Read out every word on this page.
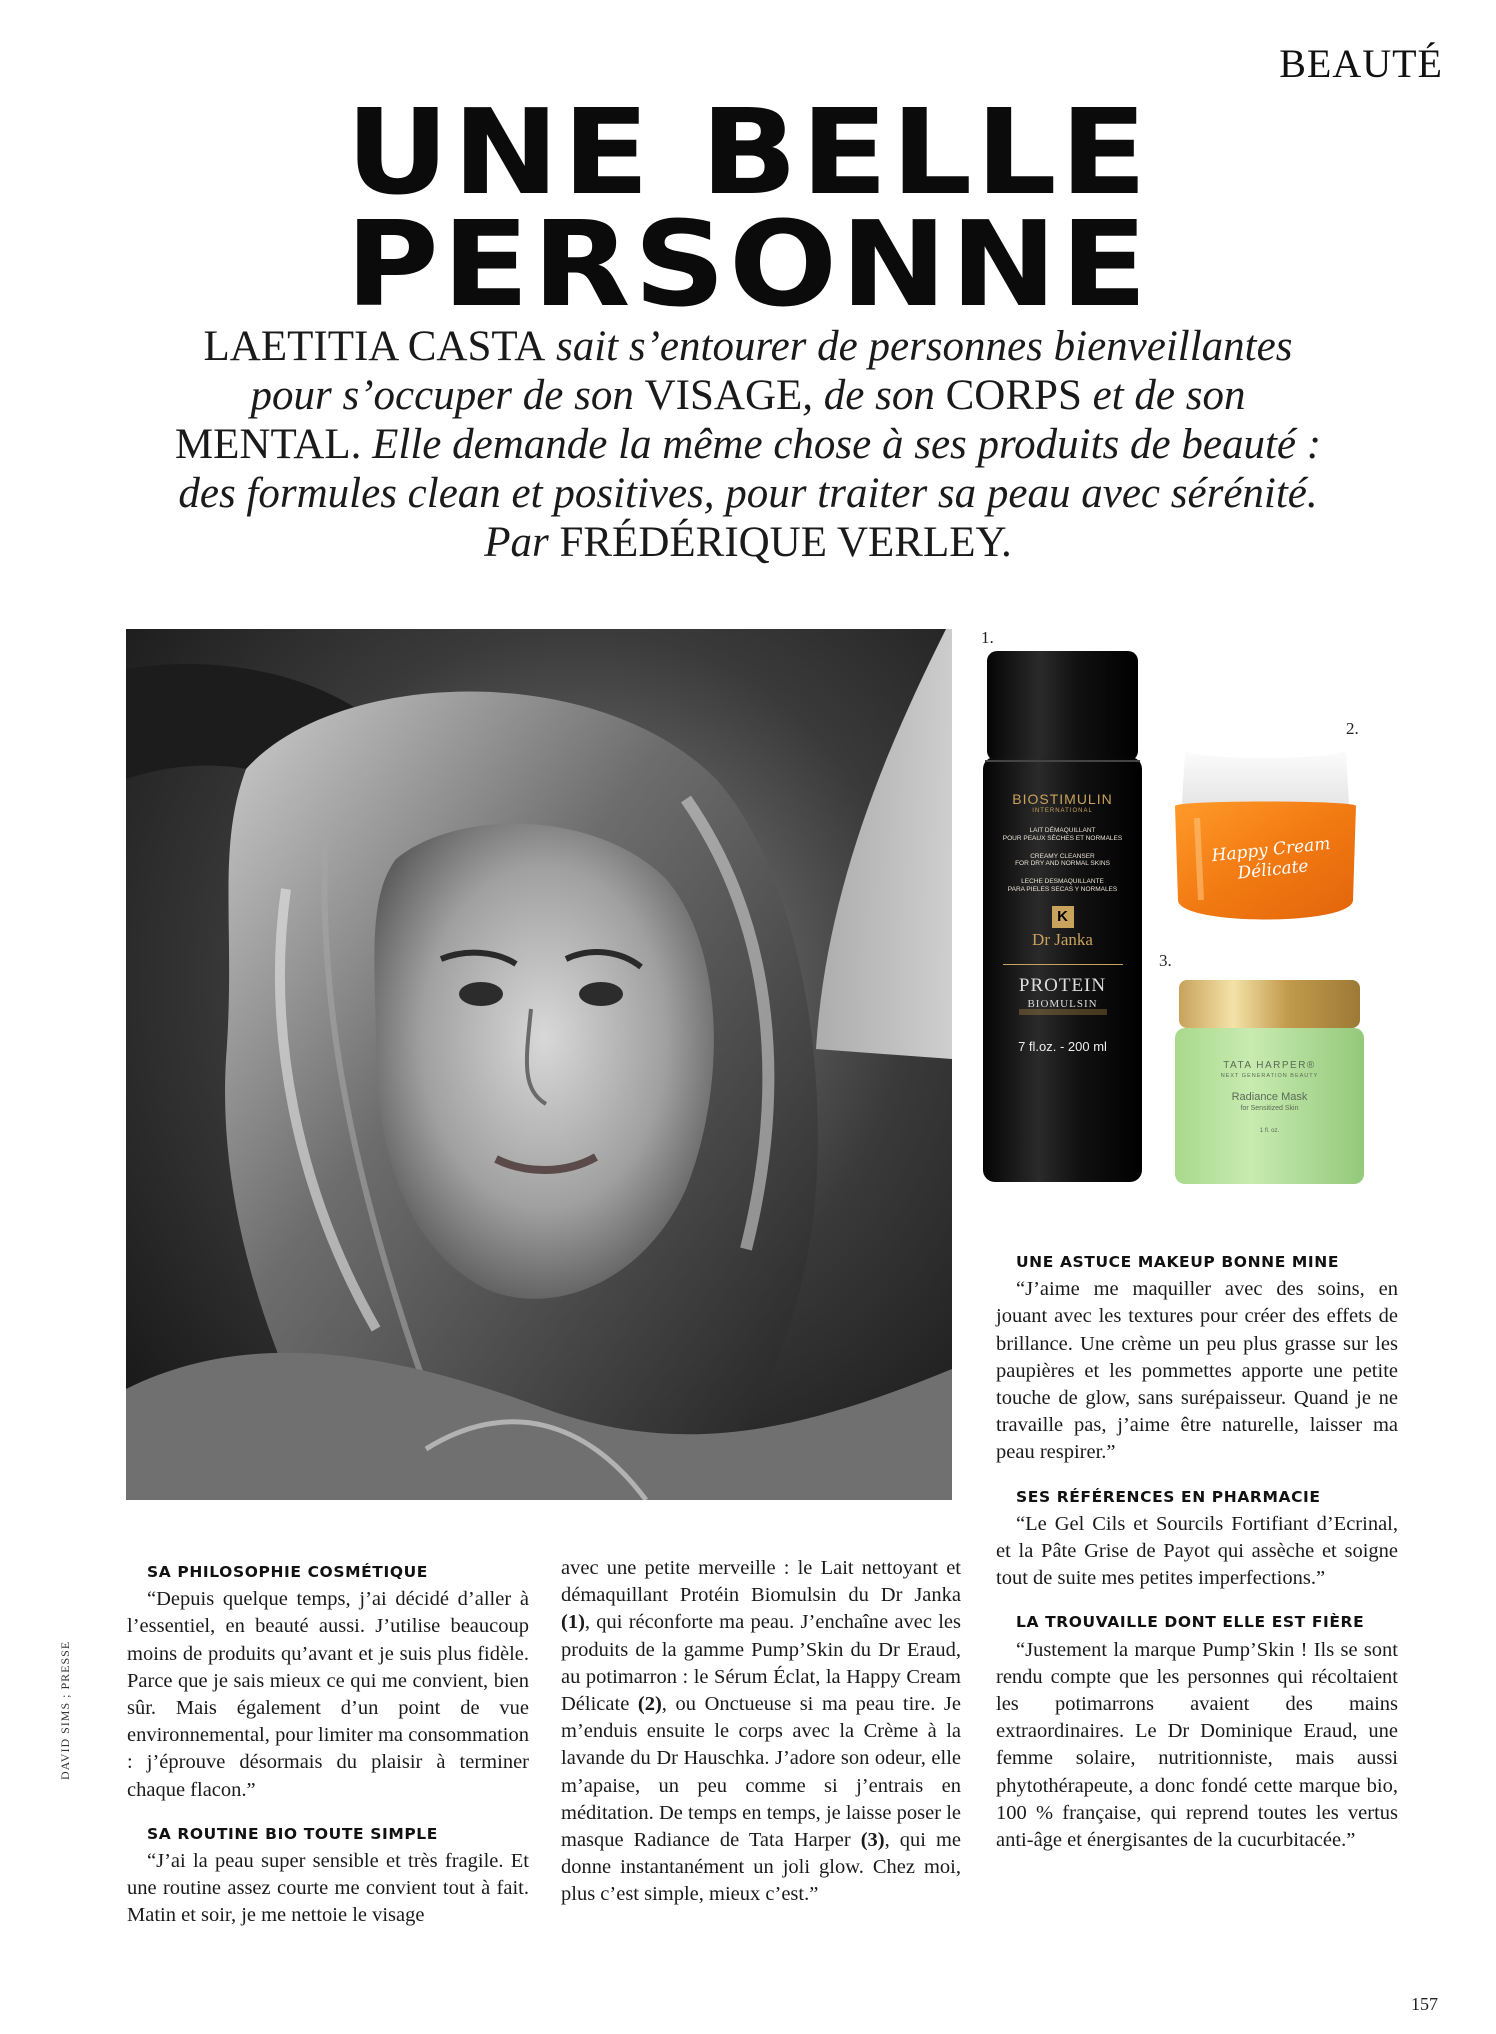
BEAUTÉ
UNE BELLE
PERSONNE
LAETITIA CASTA sait s’entourer de personnes bienveillantes
pour s’occuper de son VISAGE, de son CORPS et de son
MENTAL. Elle demande la même chose à ses produits de beauté :
des formules clean et positives, pour traiter sa peau avec sérénité.
Par FRÉDÉRIQUE VERLEY.
DAVID SIMS ; PRESSE
1.
2.
3.
BIOSTIMULIN
INTERNATIONAL
LAIT DÉMAQUILLANT
POUR PEAUX SÈCHES ET NORMALES
CREAMY CLEANSER
FOR DRY AND NORMAL SKINS
LECHE DESMAQUILLANTE
PARA PIELES SECAS Y NORMALES
K
Dr Janka
PROTEIN
BIOMULSIN
7 fl.oz. - 200 ml
Happy Cream Délicate
TATA HARPER®
NEXT GENERATION BEAUTY
Radiance Mask
for Sensitized Skin
1 fl. oz.

SA PHILOSOPHIE COSMÉTIQUE

“Depuis quelque temps, j’ai décidé d’aller à l’essentiel, en beauté aussi. J’utilise beaucoup moins de produits qu’avant et je suis plus fidèle. Parce que je sais mieux ce qui me convient, bien sûr. Mais également d’un point de vue environnemental, pour limiter ma consommation : j’éprouve désormais du plaisir à terminer chaque flacon.”

SA ROUTINE BIO TOUTE SIMPLE

“J’ai la peau super sensible et très fragile. Et une routine assez courte me convient tout à fait. Matin et soir, je me nettoie le visage

avec une petite merveille : le Lait nettoyant et démaquillant Protéin Biomulsin du Dr Janka (1), qui réconforte ma peau. J’enchaîne avec les produits de la gamme Pump’Skin du Dr Eraud, au potimarron : le Sérum Éclat, la Happy Cream Délicate (2), ou Onctueuse si ma peau tire. Je m’enduis ensuite le corps avec la Crème à la lavande du Dr Hauschka. J’adore son odeur, elle m’apaise, un peu comme si j’entrais en méditation. De temps en temps, je laisse poser le masque Radiance de Tata Harper (3), qui me donne instantanément un joli glow. Chez moi, plus c’est simple, mieux c’est.”

UNE ASTUCE MAKEUP BONNE MINE

“J’aime me maquiller avec des soins, en jouant avec les textures pour créer des effets de brillance. Une crème un peu plus grasse sur les paupières et les pommettes apporte une petite touche de glow, sans surépaisseur. Quand je ne travaille pas, j’aime être naturelle, laisser ma peau respirer.”

SES RÉFÉRENCES EN PHARMACIE

“Le Gel Cils et Sourcils Fortifiant d’Ecrinal, et la Pâte Grise de Payot qui assèche et soigne tout de suite mes petites imperfections.”

LA TROUVAILLE DONT ELLE EST FIÈRE

“Justement la marque Pump’Skin ! Ils se sont rendu compte que les personnes qui récoltaient les potimarrons avaient des mains extraordinaires. Le Dr Dominique Eraud, une femme solaire, nutritionniste, mais aussi phytothérapeute, a donc fondé cette marque bio, 100 % française, qui reprend toutes les vertus anti-âge et énergisantes de la cucurbitacée.”

157
